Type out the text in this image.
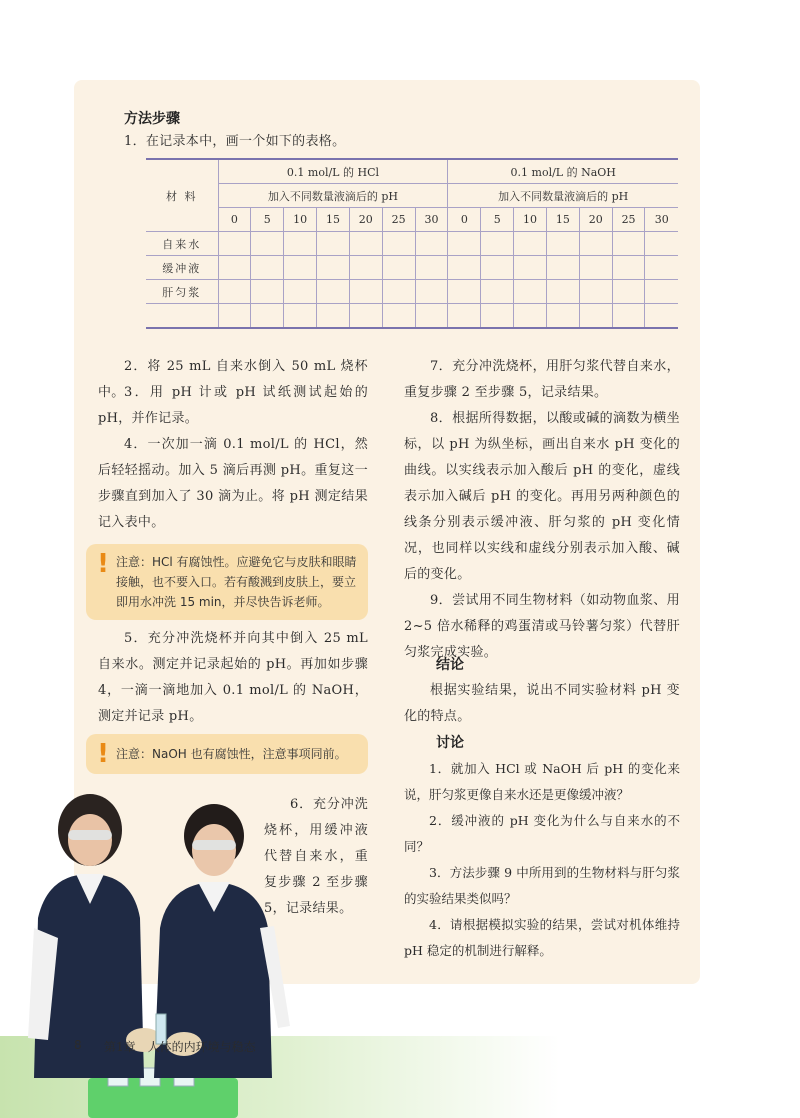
方法步骤
1．在记录本中，画一个如下的表格。
材 料	0.1 mol/L 的 HCl							0.1 mol/L 的 NaOH						
	加入不同数量液滴后的 pH							加入不同数量液滴后的 pH						
	0	5	10	15	20	25	30	0	5	10	15	20	25	30
自来水														
缓冲液														
肝匀浆														

2．将 25 mL 自来水倒入 50 mL 烧杯中。 3．用 pH 计或 pH 试纸测试起始的 pH，并作记录。

4．一次加一滴 0.1 mol/L 的 HCl，然后轻轻摇动。加入 5 滴后再测 pH。重复这一步骤直到加入了 30 滴为止。将 pH 测定结果记入表中。

! 注意：HCl 有腐蚀性。应避免它与皮肤和眼睛接触，也不要入口。若有酸溅到皮肤上，要立即用水冲洗 15 min，并尽快告诉老师。

5．充分冲洗烧杯并向其中倒入 25 mL 自来水。测定并记录起始的 pH。再加如步骤 4，一滴一滴地加入 0.1 mol/L 的 NaOH，测定并记录 pH。

! 注意：NaOH 也有腐蚀性，注意事项同前。

6．充分冲洗烧杯，用缓冲液代替自来水，重复步骤 2 至步骤 5，记录结果。

7．充分冲洗烧杯，用肝匀浆代替自来水，重复步骤 2 至步骤 5，记录结果。

8．根据所得数据，以酸或碱的滴数为横坐标，以 pH 为纵坐标，画出自来水 pH 变化的曲线。以实线表示加入酸后 pH 的变化，虚线表示加入碱后 pH 的变化。再用另两种颜色的线条分别表示缓冲液、肝匀浆的 pH 变化情况，也同样以实线和虚线分别表示加入酸、碱后的变化。

9．尝试用不同生物材料（如动物血浆、用 2~5 倍水稀释的鸡蛋清或马铃薯匀浆）代替肝匀浆完成实验。

结论

根据实验结果，说出不同实验材料 pH 变化的特点。

讨论

1．就加入 HCl 或 NaOH 后 pH 的变化来说，肝匀浆更像自来水还是更像缓冲液？

2．缓冲液的 pH 变化为什么与自来水的不同？

3．方法步骤 9 中所用到的生物材料与肝匀浆的实验结果类似吗？

4．请根据模拟实验的结果，尝试对机体维持 pH 稳定的机制进行解释。

8 第1章　人体的内环境与稳态
